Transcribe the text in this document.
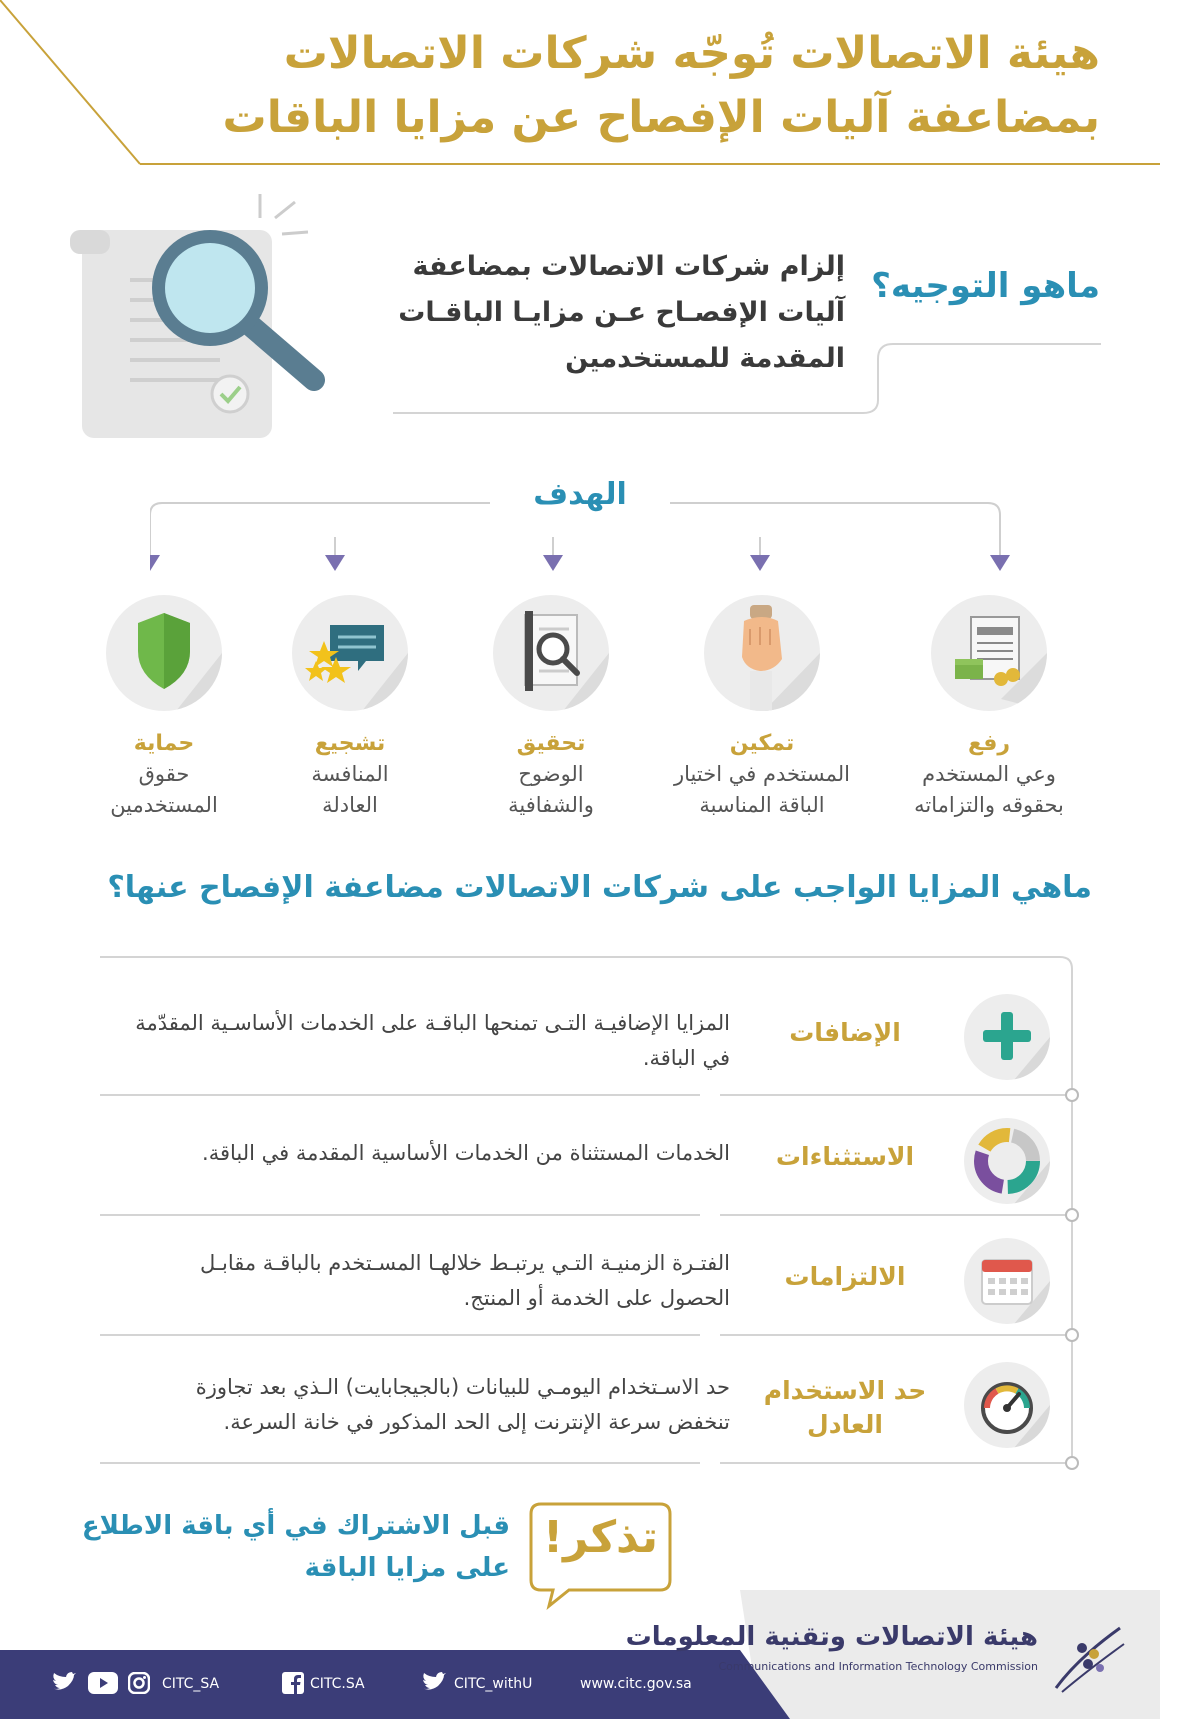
هيئة الاتصالات تُوجّه شركات الاتصالات
بمضاعفة آليات الإفصاح عن مزايا الباقات
ماهو التوجيه؟
إلزام شركات الاتصالات بمضاعفة آليات الإفصـاح عـن مزايـا الباقـات المقدمة للمستخدمين
الهدف
رفع
وعي المستخدم
بحقوقه والتزاماته
تمكين
المستخدم في اختيار
الباقة المناسبة
تحقيق
الوضوح
والشفافية
تشجيع
المنافسة
العادلة
حماية
حقوق
المستخدمين
ماهي المزايا الواجب على شركات الاتصالات مضاعفة الإفصاح عنها؟
الإضافات
المزايا الإضافيـة التـى تمنحها الباقـة على الخدمات الأساسـية المقدّمة في الباقة.
الاستثناءات
الخدمات المستثناة من الخدمات الأساسية المقدمة في الباقة.
الالتزامات
الفتـرة الزمنيـة التـي يرتبـط خلالهـا المسـتخدم بالباقـة مقابـل الحصول على الخدمة أو المنتج.
حد الاستخدام
العادل
حد الاسـتخدام اليومـي للبيانات (بالجيجابايت) الـذي بعد تجاوزة تنخفض سرعة الإنترنت إلى الحد المذكور في خانة السرعة.
تذكر!
قبل الاشتراك في أي باقة الاطلاع على مزايا الباقة
CITC_SA	CITC.SA	CITC_withU	www.citc.gov.sa
هيئة الاتصالات وتقنية المعلومات
Communications and Information Technology Commission
